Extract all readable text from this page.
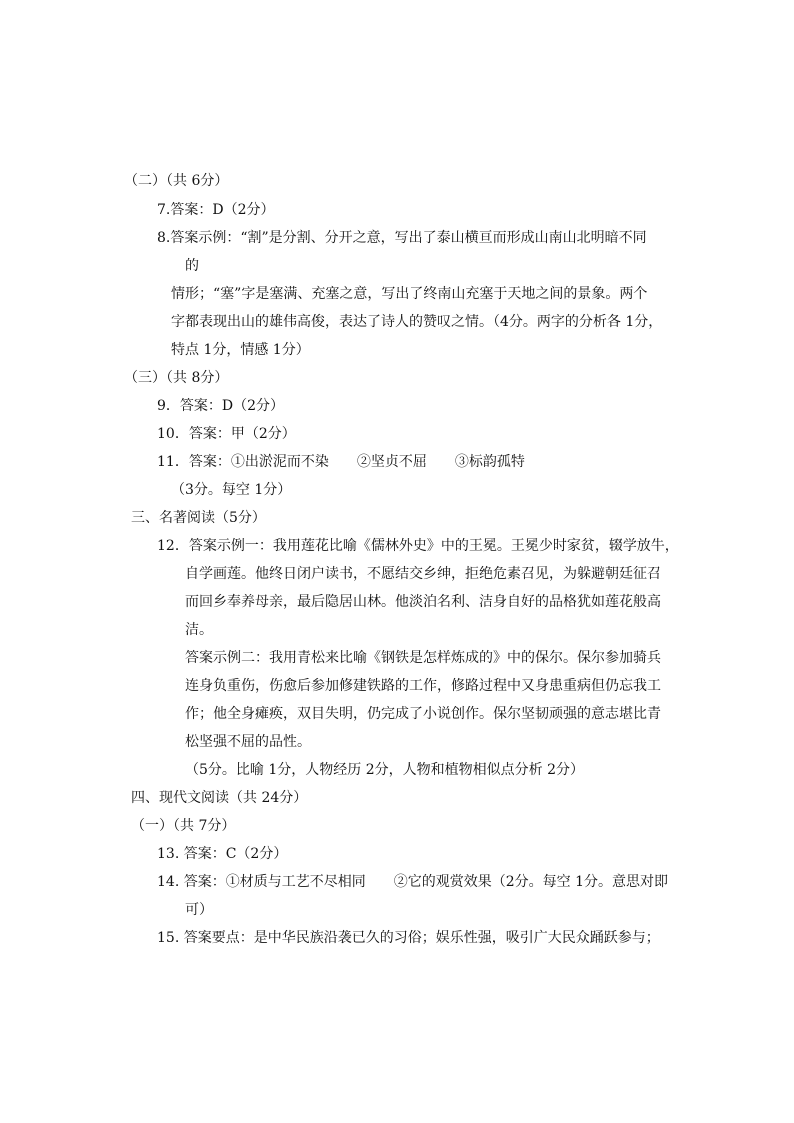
（二）（共 6分）
7.答案：D（2分）
8.答案示例：“割”是分割、分开之意，写出了泰山横亘而形成山南山北明暗不同
的
情形；“塞”字是塞满、充塞之意，写出了终南山充塞于天地之间的景象。两个
字都表现出山的雄伟高俊，表达了诗人的赞叹之情。（4分。两字的分析各 1分，
特点 1分，情感 1分）
（三）（共 8分）
9．答案：D（2分）
10．答案：甲（2分）
11．答案：①出淤泥而不染　　②坚贞不屈　　③标韵孤特
（3分。每空 1分）
三、名著阅读（5分）
12．答案示例一：我用莲花比喻《儒林外史》中的王冕。王冕少时家贫，辍学放牛，
自学画莲。他终日闭户读书，不愿结交乡绅，拒绝危素召见，为躲避朝廷征召
而回乡奉养母亲，最后隐居山林。他淡泊名利、洁身自好的品格犹如莲花般高
洁。
答案示例二：我用青松来比喻《钢铁是怎样炼成的》中的保尔。保尔参加骑兵
连身负重伤，伤愈后参加修建铁路的工作，修路过程中又身患重病但仍忘我工
作；他全身瘫痪，双目失明，仍完成了小说创作。保尔坚韧顽强的意志堪比青
松坚强不屈的品性。
（5分。比喻 1分，人物经历 2分，人物和植物相似点分析 2分）
四、现代文阅读（共 24分）
（一）（共 7分）
13. 答案：C（2分）
14. 答案：①材质与工艺不尽相同　　②它的观赏效果（2分。每空 1分。意思对即
可）
15. 答案要点：是中华民族沿袭已久的习俗；娱乐性强，吸引广大民众踊跃参与；
